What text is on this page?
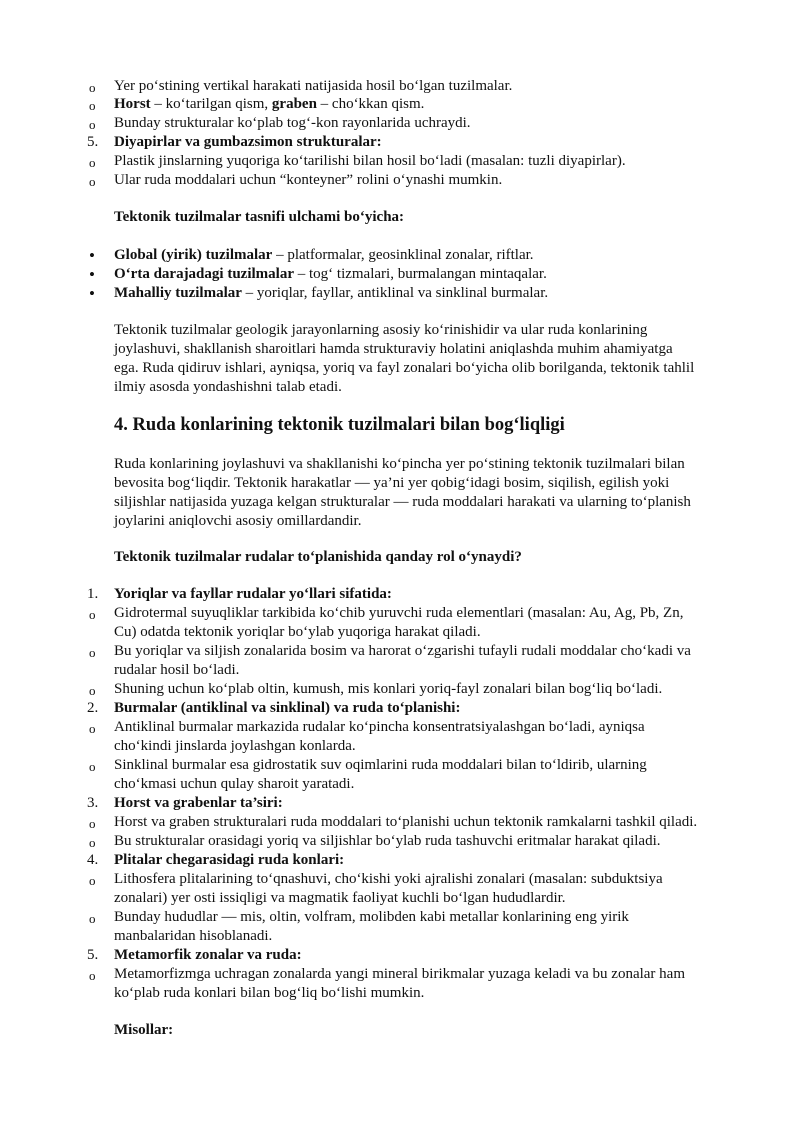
o Yer po‘stining vertikal harakati natijasida hosil bo‘lgan tuzilmalar.
o Horst – ko‘tarilgan qism, graben – cho‘kkan qism.
o Bunday strukturalar ko‘plab tog‘-kon rayonlarida uchraydi.
5. Diyapirlar va gumbazsimon strukturalar:
o Plastik jinslarning yuqoriga ko‘tarilishi bilan hosil bo‘ladi (masalan: tuzli diyapirlar).
o Ular ruda moddalari uchun “konteyner” rolini o‘ynashi mumkin.
Tektonik tuzilmalar tasnifi ulchami bo‘yicha:
• Global (yirik) tuzilmalar – platformalar, geosinklinal zonalar, riftlar.
• O‘rta darajadagi tuzilmalar – tog‘ tizmalari, burmalangan mintaqalar.
• Mahalliy tuzilmalar – yoriqlar, fayllar, antiklinal va sinklinal burmalar.
Tektonik tuzilmalar geologik jarayonlarning asosiy ko‘rinishidir va ular ruda konlarining
joylashuvi, shakllanish sharoitlari hamda strukturaviy holatini aniqlashda muhim ahamiyatga
ega. Ruda qidiruv ishlari, ayniqsa, yoriq va fayl zonalari bo‘yicha olib borilganda, tektonik tahlil
ilmiy asosda yondashishni talab etadi.
4. Ruda konlarining tektonik tuzilmalari bilan bog‘liqligi
Ruda konlarining joylashuvi va shakllanishi ko‘pincha yer po‘stining tektonik tuzilmalari bilan
bevosita bog‘liqdir. Tektonik harakatlar — ya’ni yer qobig‘idagi bosim, siqilish, egilish yoki
siljishlar natijasida yuzaga kelgan strukturalar — ruda moddalari harakati va ularning to‘planish
joylarini aniqlovchi asosiy omillardandir.
Tektonik tuzilmalar rudalar to‘planishida qanday rol o‘ynaydi?
1. Yoriqlar va fayllar rudalar yo‘llari sifatida:
o Gidrotermal suyuqliklar tarkibida ko‘chib yuruvchi ruda elementlari (masalan: Au, Ag, Pb, Zn,
Cu) odatda tektonik yoriqlar bo‘ylab yuqoriga harakat qiladi.
o Bu yoriqlar va siljish zonalarida bosim va harorat o‘zgarishi tufayli rudali moddalar cho‘kadi va
rudalar hosil bo‘ladi.
o Shuning uchun ko‘plab oltin, kumush, mis konlari yoriq-fayl zonalari bilan bog‘liq bo‘ladi.
2. Burmalar (antiklinal va sinklinal) va ruda to‘planishi:
o Antiklinal burmalar markazida rudalar ko‘pincha konsentratsiyalashgan bo‘ladi, ayniqsa
cho‘kindi jinslarda joylashgan konlarda.
o Sinklinal burmalar esa gidrostatik suv oqimlarini ruda moddalari bilan to‘ldirib, ularning
cho‘kmasi uchun qulay sharoit yaratadi.
3. Horst va grabenlar ta’siri:
o Horst va graben strukturalari ruda moddalari to‘planishi uchun tektonik ramkalarni tashkil qiladi.
o Bu strukturalar orasidagi yoriq va siljishlar bo‘ylab ruda tashuvchi eritmalar harakat qiladi.
4. Plitalar chegarasidagi ruda konlari:
o Lithosfera plitalarining to‘qnashuvi, cho‘kishi yoki ajralishi zonalari (masalan: subduktsiya
zonalari) yer osti issiqligi va magmatik faoliyat kuchli bo‘lgan hududlardir.
o Bunday hududlar — mis, oltin, volfram, molibden kabi metallar konlarining eng yirik
manbalaridan hisoblanadi.
5. Metamorfik zonalar va ruda:
o Metamorfizmga uchragan zonalarda yangi mineral birikmalar yuzaga keladi va bu zonalar ham
ko‘plab ruda konlari bilan bog‘liq bo‘lishi mumkin.
Misollar:
